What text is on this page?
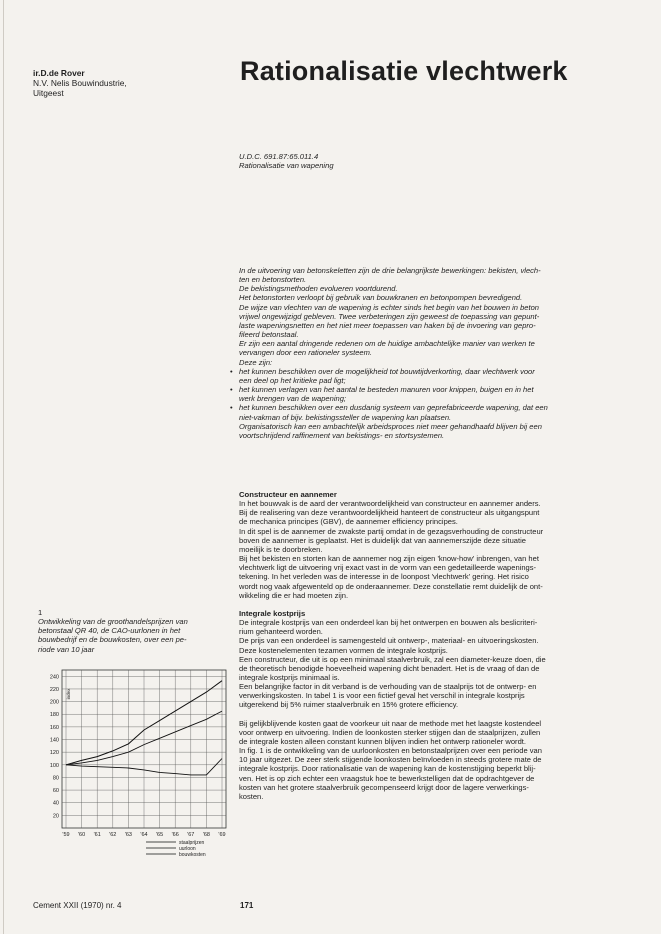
ir.D.de Rover
N.V. Nelis Bouwindustrie,
Uitgeest
Rationalisatie vlechtwerk
U.D.C. 691.87:65.011.4
Rationalisatie van wapening

In de uitvoering van betonskeletten zijn de drie belangrijkste bewerkingen: bekisten, vlech-

ten en betonstorten.

De bekistingsmethoden evolueren voortdurend.

Het betonstorten verloopt bij gebruik van bouwkranen en betonpompen bevredigend.

De wijze van vlechten van de wapening is echter sinds het begin van het bouwen in beton

vrijwel ongewijzigd gebleven. Twee verbeteringen zijn geweest de toepassing van gepunt-

laste wapeningsnetten en het niet meer toepassen van haken bij de invoering van gepro-

fileerd betonstaal.

Er zijn een aantal dringende redenen om de huidige ambachtelijke manier van werken te

vervangen door een rationeler systeem.

Deze zijn:

• het kunnen beschikken over de mogelijkheid tot bouwtijdverkorting, daar vlechtwerk voor
een deel op het kritieke pad ligt;
• het kunnen verlagen van het aantal te besteden manuren voor knippen, buigen en in het
werk brengen van de wapening;
• het kunnen beschikken over een dusdanig systeem van geprefabriceerde wapening, dat een
niet-vakman of bijv. bekistingssteller de wapening kan plaatsen.

Organisatorisch kan een ambachtelijk arbeidsproces niet meer gehandhaafd blijven bij een

voortschrijdend raffinement van bekistings- en stortsystemen.

Constructeur en aannemer

In het bouwvak is de aard der verantwoordelijkheid van constructeur en aannemer anders.

Bij de realisering van deze verantwoordelijkheid hanteert de constructeur als uitgangspunt

de mechanica principes (GBV), de aannemer efficiency principes.

In dit spel is de aannemer de zwakste partij omdat in de gezagsverhouding de constructeur

boven de aannemer is geplaatst. Het is duidelijk dat van aannemerszijde deze situatie

moeilijk is te doorbreken.

Bij het bekisten en storten kan de aannemer nog zijn eigen 'know-how' inbrengen, van het

vlechtwerk ligt de uitvoering vrij exact vast in de vorm van een gedetailleerde wapenings-

tekening. In het verleden was de interesse in de loonpost 'vlechtwerk' gering. Het risico

wordt nog vaak afgewenteld op de onderaannemer. Deze constellatie remt duidelijk de ont-

wikkeling die er had moeten zijn.

Integrale kostprijs

De integrale kostprijs van een onderdeel kan bij het ontwerpen en bouwen als beslicriteri-

rium gehanteerd worden.

De prijs van een onderdeel is samengesteld uit ontwerp-, materiaal- en uitvoeringskosten.

Deze kostenelementen tezamen vormen de integrale kostprijs.

Een constructeur, die uit is op een minimaal staalverbruik, zal een diameter-keuze doen, die

de theoretisch benodigde hoeveelheid wapening dicht benadert. Het is de vraag of dan de

integrale kostprijs minimaal is.

Een belangrijke factor in dit verband is de verhouding van de staalprijs tot de ontwerp- en

verwerkingskosten. In tabel 1 is voor een fictief geval het verschil in integrale kostprijs

uitgerekend bij 5% ruimer staalverbruik en 15% grotere efficiency.

Bij gelijkblijvende kosten gaat de voorkeur uit naar de methode met het laagste kostendeel

voor ontwerp en uitvoering. Indien de loonkosten sterker stijgen dan de staalprijzen, zullen

de integrale kosten alleen constant kunnen blijven indien het ontwerp rationeler wordt.

In fig. 1 is de ontwikkeling van de uurloonkosten en betonstaalprijzen over een periode van

10 jaar uitgezet. De zeer sterk stijgende loonkosten beïnvloeden in steeds grotere mate de

integrale kostprijs. Door rationalisatie van de wapening kan de kostenstijging beperkt blij-

ven. Het is op zich echter een vraagstuk hoe te bewerkstelligen dat de opdrachtgever de

kosten van het grotere staalverbruik gecompenseerd krijgt door de lagere verwerkings-

kosten.

1
Ontwikkeling van de groothandelsprijzen van
betonstaal QR 40, de CAO-uurlonen in het
bouwbedrijf en de bouwkosten, over een pe-
riode van 10 jaar
240
220
200
180
160
140
120
100
80
60
40
20
'59 '60 '61 '62 '63 '64 '65 '66 '67 '68 '69
index
staalprijzen
uurloon
bouwkosten
Cement XXII (1970) nr. 4	171
